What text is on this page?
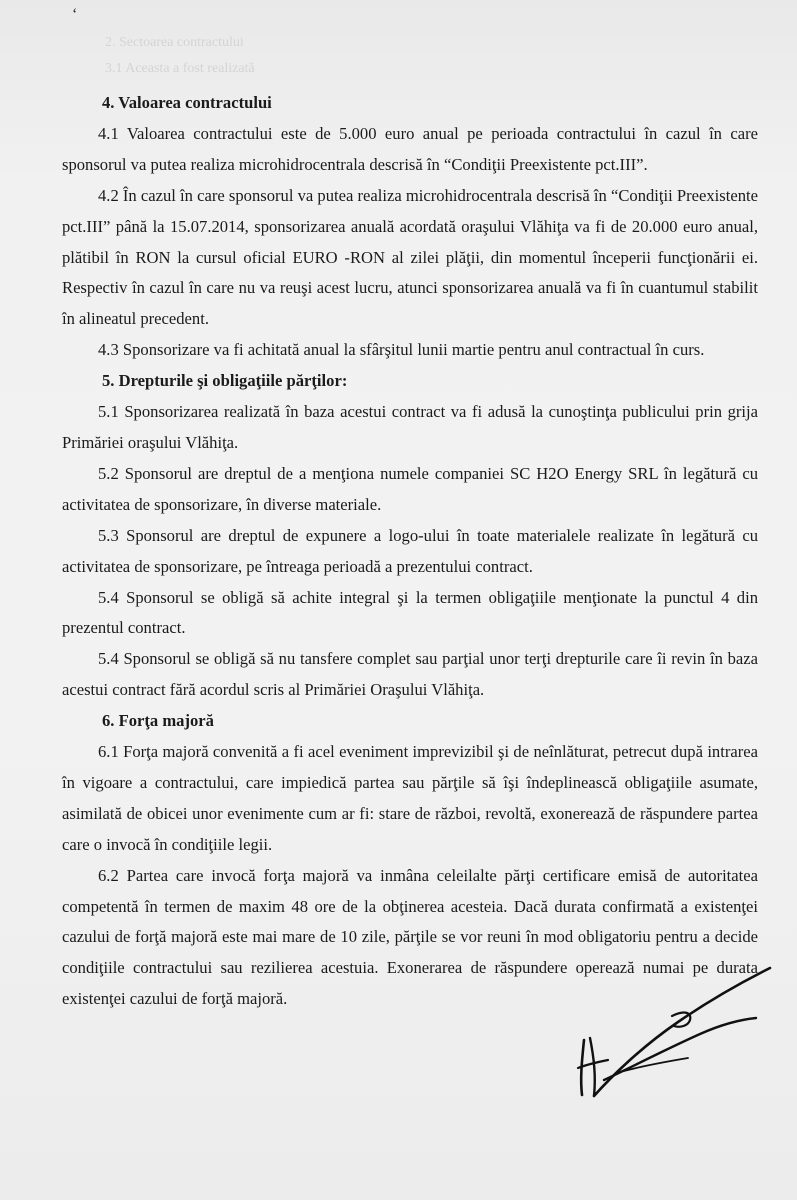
2. Sectoarea contractului
3.1 Aceasta a fost realizată
ʻ
4. Valoarea contractului

4.1 Valoarea contractului este de 5.000 euro anual pe perioada contractului în cazul în care sponsorul va putea realiza microhidrocentrala descrisă în “Condiţii Preexistente pct.III”.

4.2 În cazul în care sponsorul va putea realiza microhidrocentrala descrisă în “Condiţii Preexistente pct.III” până la 15.07.2014, sponsorizarea anuală acordată oraşului Vlăhiţa va fi de 20.000 euro anual, plătibil în RON la cursul oficial EURO -RON al zilei plăţii, din momentul începerii funcţionării ei. Respectiv în cazul în care nu va reuşi acest lucru, atunci sponsorizarea anuală va fi în cuantumul stabilit în alineatul precedent.

4.3 Sponsorizare va fi achitată anual la sfârşitul lunii martie pentru anul contractual în curs.

5. Drepturile şi obligaţiile părţilor:

5.1 Sponsorizarea realizată în baza acestui contract va fi adusă la cunoştinţa publicului prin grija Primăriei oraşului Vlăhiţa.

5.2 Sponsorul are dreptul de a menţiona numele companiei SC H2O Energy SRL în legătură cu activitatea de sponsorizare, în diverse materiale.

5.3 Sponsorul are dreptul de expunere a logo-ului în toate materialele realizate în legătură cu activitatea de sponsorizare, pe întreaga perioadă a prezentului contract.

5.4 Sponsorul se obligă să achite integral şi la termen obligaţiile menţionate la punctul 4 din prezentul contract.

5.4 Sponsorul se obligă să nu tansfere complet sau parţial unor terţi drepturile care îi revin în baza acestui contract fără acordul scris al Primăriei Oraşului Vlăhiţa.

6. Forţa majoră

6.1 Forţa majoră convenită a fi acel eveniment imprevizibil şi de neînlăturat, petrecut după intrarea în vigoare a contractului, care impiedică partea sau părţile să îşi îndeplinească obligaţiile asumate, asimilată de obicei unor evenimente cum ar fi: stare de război, revoltă, exonerează de răspundere partea care o invocă în condiţiile legii.

6.2 Partea care invocă forţa majoră va inmâna celeilalte părţi certificare emisă de autoritatea competentă în termen de maxim 48 ore de la obţinerea acesteia. Dacă durata confirmată a existenţei cazului de forţă majoră este mai mare de 10 zile, părţile se vor reuni în mod obligatoriu pentru a decide condiţiile contractului sau rezilierea acestuia. Exonerarea de răspundere operează numai pe durata existenţei cazului de forţă majoră.
